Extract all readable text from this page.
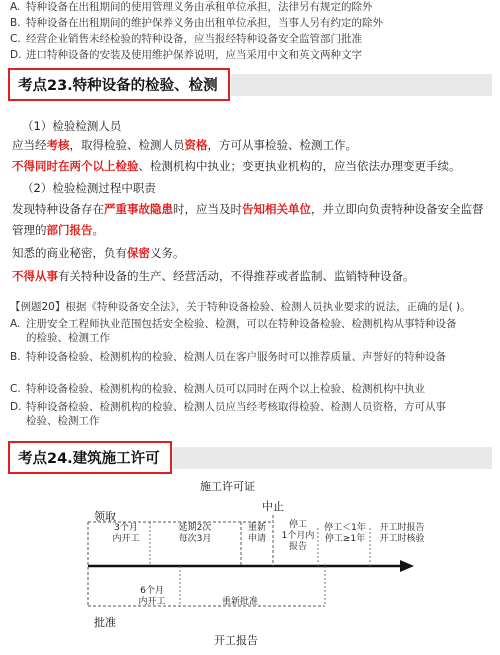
A. 特种设备在出租期间的使用管理义务由承租单位承担，法律另有规定的除外
B. 特种设备在出租期间的维护保养义务由出租单位承担，当事人另有约定的除外
C. 经营企业销售未经检验的特种设备，应当报经特种设备安全监管部门批准
D. 进口特种设备的安装及使用维护保养说明，应当采用中文和英文两种文字
考点23.特种设备的检验、检测
（1）检验检测人员
应当经考核，取得检验、检测人员资格，方可从事检验、检测工作。
不得同时在两个以上检验、检测机构中执业；变更执业机构的，应当依法办理变更手续。
（2）检验检测过程中职责
发现特种设备存在严重事故隐患时，应当及时告知相关单位，并立即向负责特种设备安全监督
管理的部门报告。
知悉的商业秘密，负有保密义务。
不得从事有关特种设备的生产、经营活动，不得推荐或者监制、监销特种设备。
【例题20】根据《特种设备安全法》，关于特种设备检验、检测人员执业要求的说法，正确的是( )。
A. 注册安全工程师执业范围包括安全检验、检测，可以在特种设备检验、检测机构从事特种设备
的检验、检测工作
B. 特种设备检验、检测机构的检验、检测人员在客户服务时可以推荐质量、声誉好的特种设备
C. 特种设备检验、检测机构的检验、检测人员可以同时在两个以上检验、检测机构中执业
D. 特种设备检验、检测机构的检验、检测人员应当经考核取得检验、检测人员资格，方可从事
检验、检测工作
考点24.建筑施工许可
施工许可证
领取
中止
批准
开工报告
3个月
内开工
延期2次
每次3月
重新
申请
停工
1个月内
报告
停工＜1年
停工≥1年
开工时报告
开工时核验
6个月
内开工	重新批准
